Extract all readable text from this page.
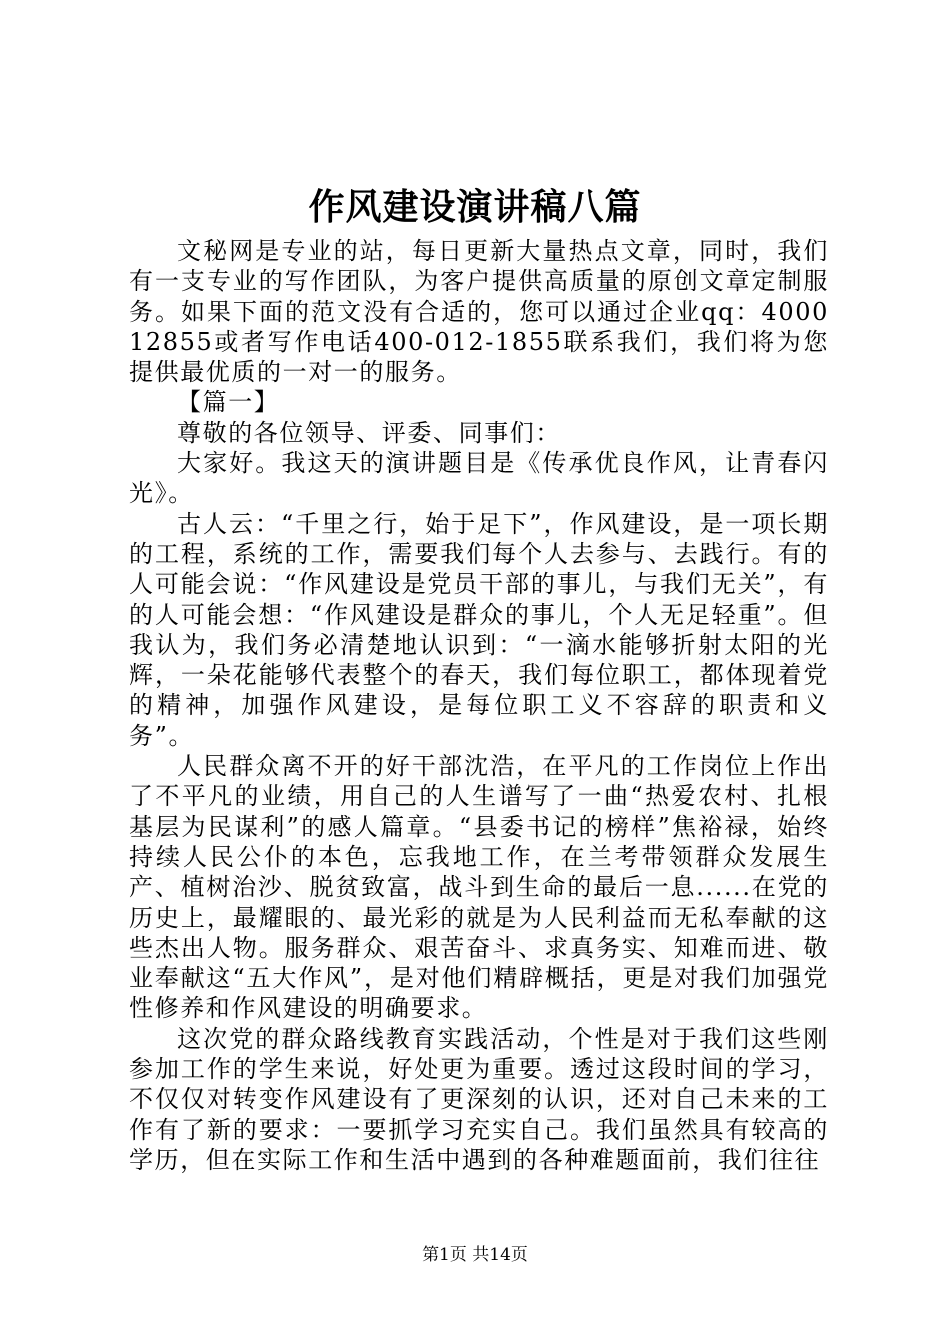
作风建设演讲稿八篇

文秘网是专业的站，每日更新大量热点文章，同时，我们有一支专业的写作团队，为客户提供高质量的原创文章定制服务。如果下面的范文没有合适的，您可以通过企业qq：400012855或者写作电话400-012-1855联系我们，我们将为您提供最优质的一对一的服务。

【篇一】

尊敬的各位领导、评委、同事们：

大家好。我这天的演讲题目是《传承优良作风，让青春闪光》。

古人云：“千里之行，始于足下”，作风建设，是一项长期的工程，系统的工作，需要我们每个人去参与、去践行。有的人可能会说：“作风建设是党员干部的事儿，与我们无关”，有的人可能会想：“作风建设是群众的事儿，个人无足轻重”。但我认为，我们务必清楚地认识到：“一滴水能够折射太阳的光辉，一朵花能够代表整个的春天，我们每位职工，都体现着党的精神，加强作风建设，是每位职工义不容辞的职责和义务”。

人民群众离不开的好干部沈浩，在平凡的工作岗位上作出了不平凡的业绩，用自己的人生谱写了一曲“热爱农村、扎根基层为民谋利”的感人篇章。“县委书记的榜样”焦裕禄，始终持续人民公仆的本色，忘我地工作，在兰考带领群众发展生产、植树治沙、脱贫致富，战斗到生命的最后一息......在党的历史上，最耀眼的、最光彩的就是为人民利益而无私奉献的这些杰出人物。服务群众、艰苦奋斗、求真务实、知难而进、敬业奉献这“五大作风”，是对他们精辟概括，更是对我们加强党性修养和作风建设的明确要求。

这次党的群众路线教育实践活动，个性是对于我们这些刚参加工作的学生来说，好处更为重要。透过这段时间的学习，不仅仅对转变作风建设有了更深刻的认识，还对自己未来的工作有了新的要求：一要抓学习充实自己。我们虽然具有较高的学历，但在实际工作和生活中遇到的各种难题面前，我们往往

第1页 共14页
